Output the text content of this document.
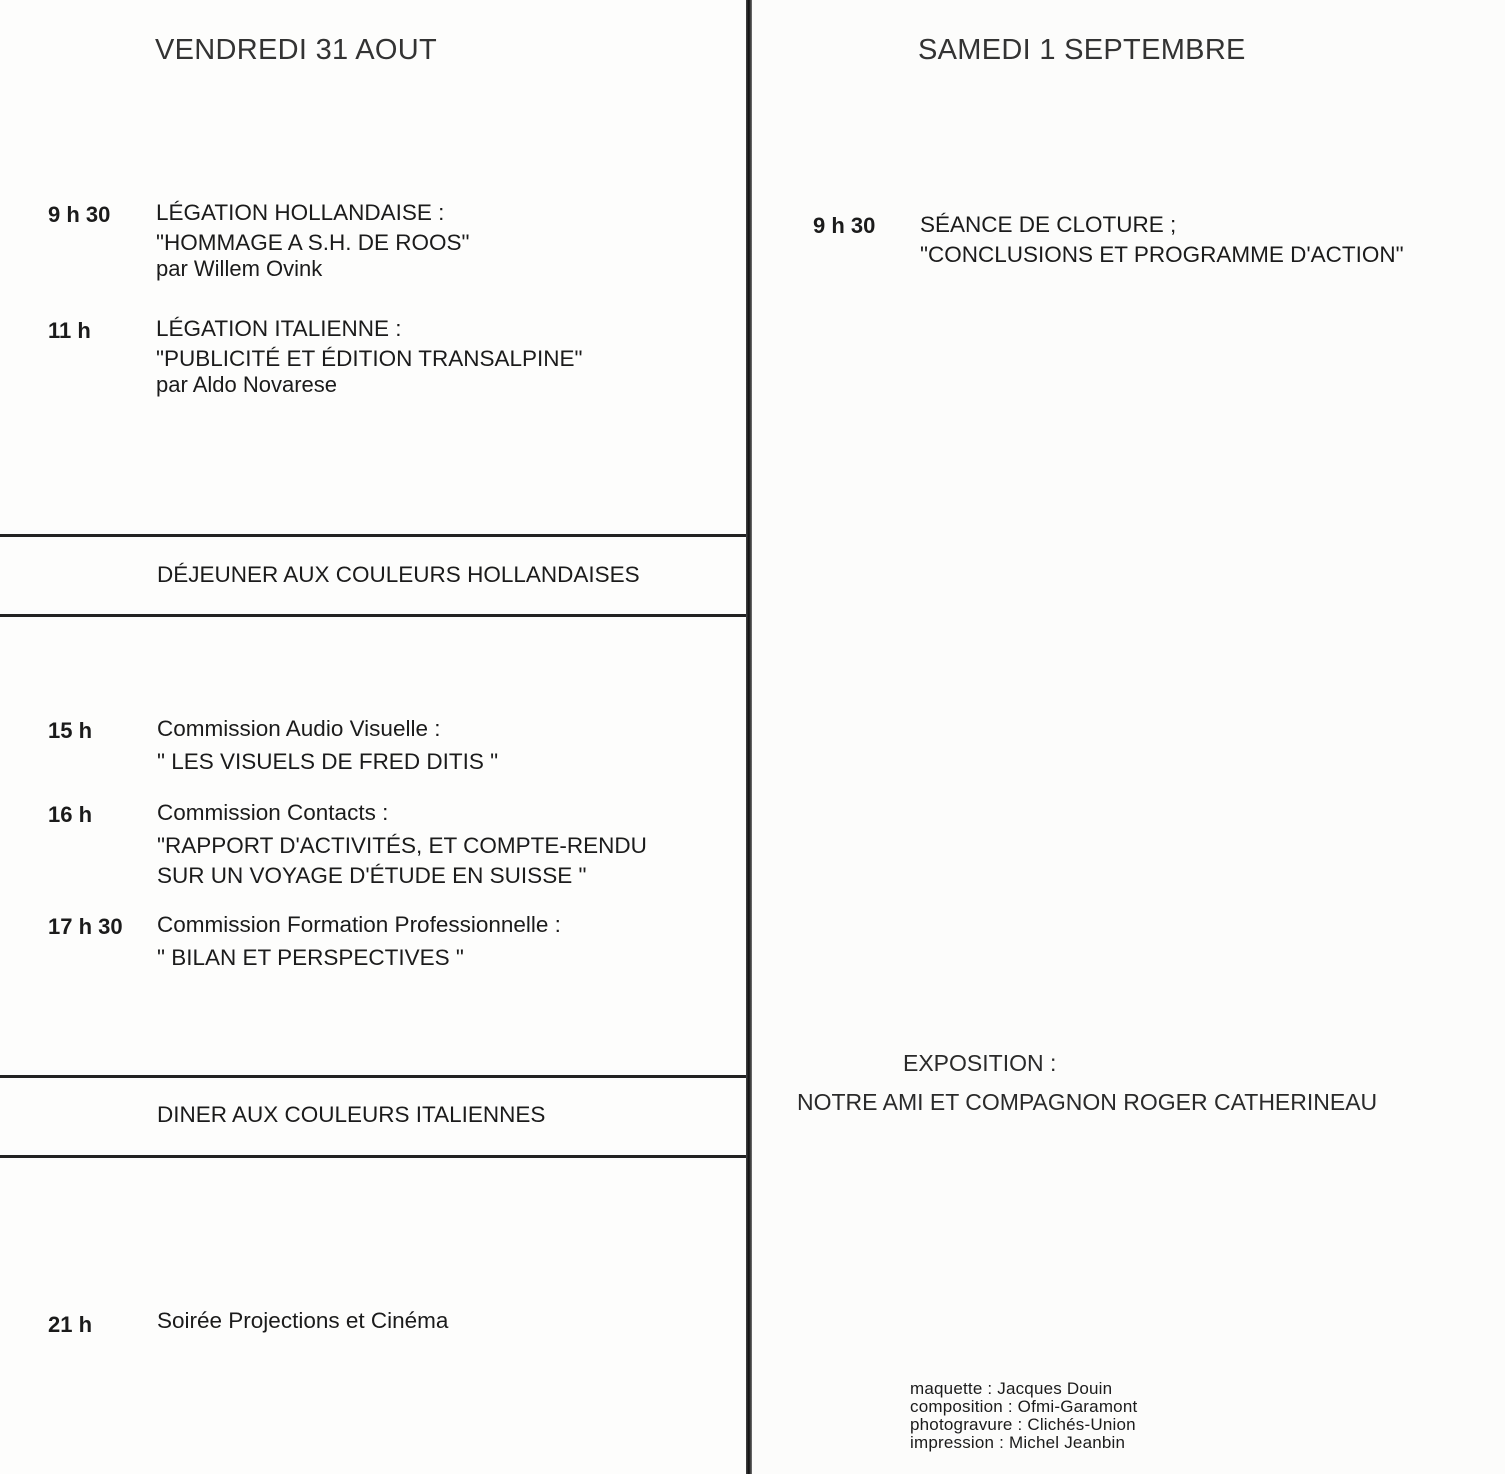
VENDREDI 31 AOUT
9 h 30 LÉGATION HOLLANDAISE :
"HOMMAGE A S.H. DE ROOS"
par Willem Ovink
11 h	LÉGATION ITALIENNE :
"PUBLICITÉ ET ÉDITION TRANSALPINE"
par Aldo Novarese
DÉJEUNER AUX COULEURS HOLLANDAISES
15 h	Commission Audio Visuelle :
" LES VISUELS DE FRED DITIS "
16 h	Commission Contacts :
"RAPPORT D'ACTIVITÉS, ET COMPTE-RENDU
SUR UN VOYAGE D'ÉTUDE EN SUISSE "
17 h 30 Commission Formation Professionnelle :
" BILAN ET PERSPECTIVES "
DINER AUX COULEURS ITALIENNES
21 h	Soirée Projections et Cinéma
SAMEDI 1 SEPTEMBRE
9 h 30 SÉANCE DE CLOTURE ;
"CONCLUSIONS ET PROGRAMME D'ACTION"
EXPOSITION :
NOTRE AMI ET COMPAGNON ROGER CATHERINEAU
maquette : Jacques Douin
composition : Ofmi-Garamont
photogravure : Clichés-Union
impression : Michel Jeanbin
